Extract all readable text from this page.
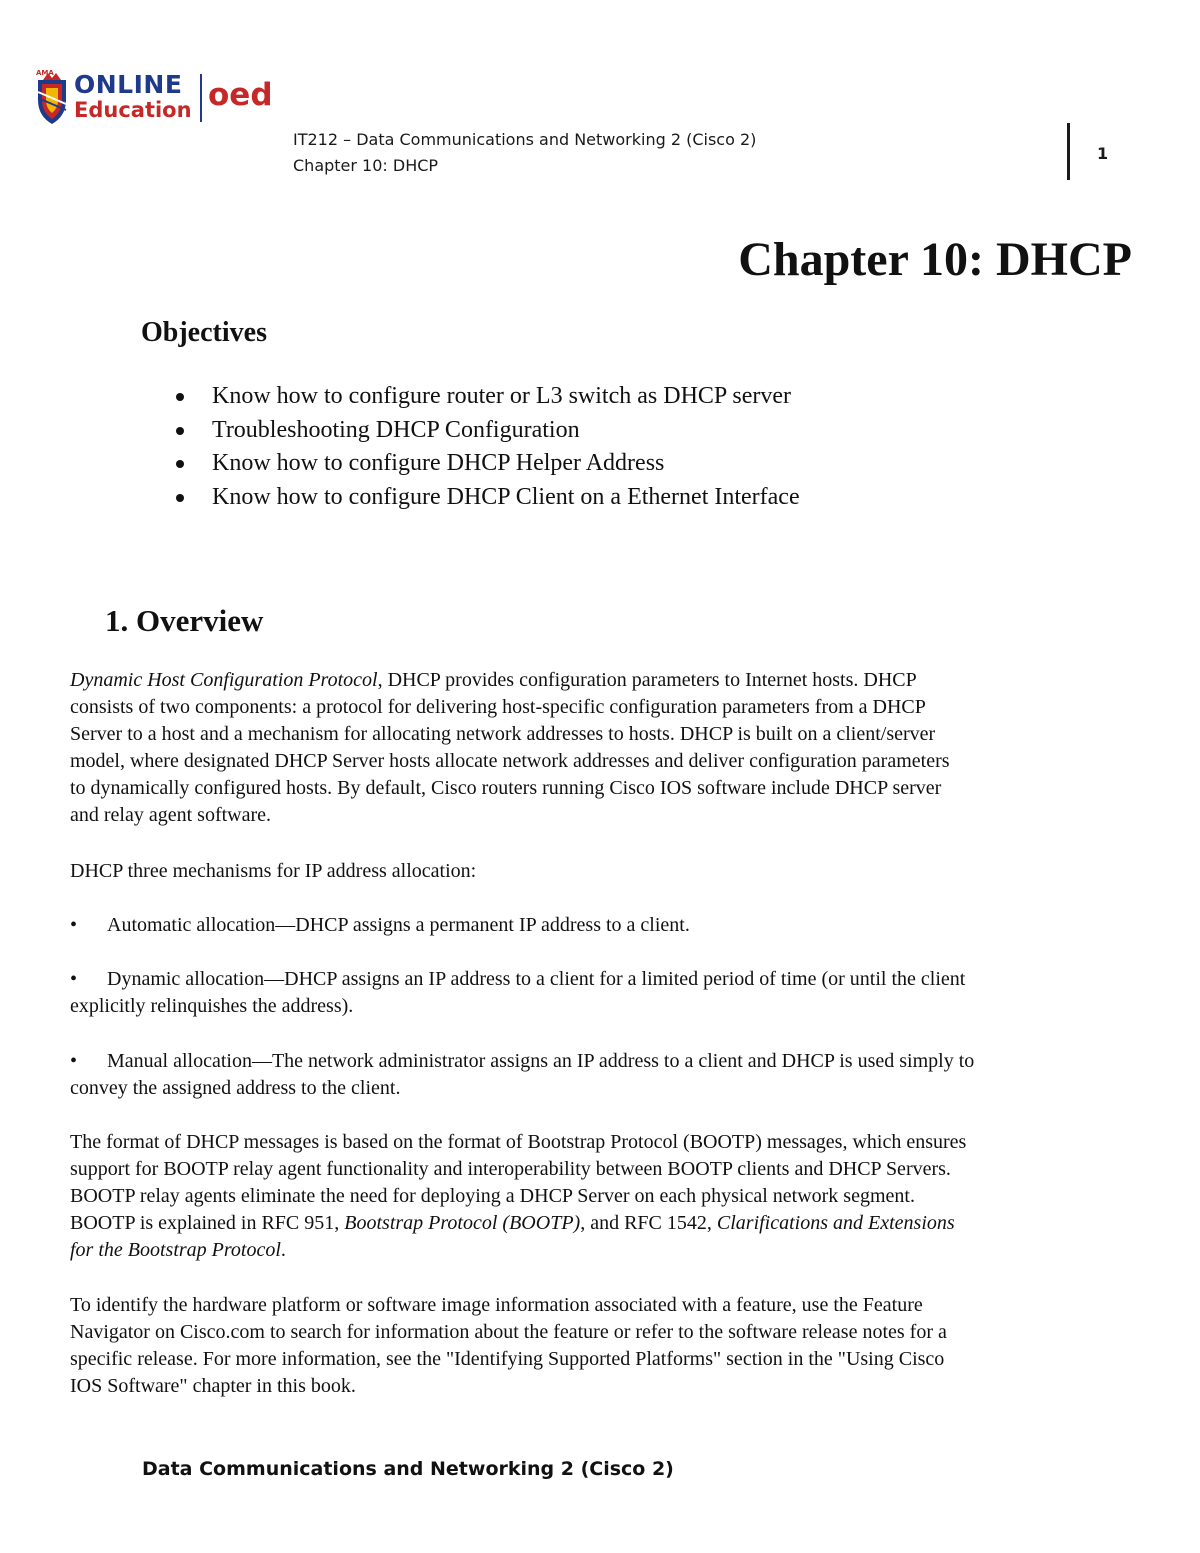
AMA ONLINE
Education oed
IT212 – Data Communications and Networking 2 (Cisco 2)
Chapter 10: DHCP
1
Chapter 10: DHCP
Objectives
Know how to configure router or L3 switch as DHCP server
Troubleshooting DHCP Configuration
Know how to configure DHCP Helper Address
Know how to configure DHCP Client on a Ethernet Interface
1. Overview
Dynamic Host Configuration Protocol, DHCP provides configuration parameters to Internet hosts. DHCP
consists of two components: a protocol for delivering host-specific configuration parameters from a DHCP
Server to a host and a mechanism for allocating network addresses to hosts. DHCP is built on a client/server
model, where designated DHCP Server hosts allocate network addresses and deliver configuration parameters
to dynamically configured hosts. By default, Cisco routers running Cisco IOS software include DHCP server
and relay agent software.
DHCP three mechanisms for IP address allocation:
• Automatic allocation—DHCP assigns a permanent IP address to a client.
• Dynamic allocation—DHCP assigns an IP address to a client for a limited period of time (or until the client
explicitly relinquishes the address).
• Manual allocation—The network administrator assigns an IP address to a client and DHCP is used simply to
convey the assigned address to the client.
The format of DHCP messages is based on the format of Bootstrap Protocol (BOOTP) messages, which ensures
support for BOOTP relay agent functionality and interoperability between BOOTP clients and DHCP Servers.
BOOTP relay agents eliminate the need for deploying a DHCP Server on each physical network segment.
BOOTP is explained in RFC 951, Bootstrap Protocol (BOOTP), and RFC 1542, Clarifications and Extensions
for the Bootstrap Protocol.
To identify the hardware platform or software image information associated with a feature, use the Feature
Navigator on Cisco.com to search for information about the feature or refer to the software release notes for a
specific release. For more information, see the "Identifying Supported Platforms" section in the "Using Cisco
IOS Software" chapter in this book.
Data Communications and Networking 2 (Cisco 2)
